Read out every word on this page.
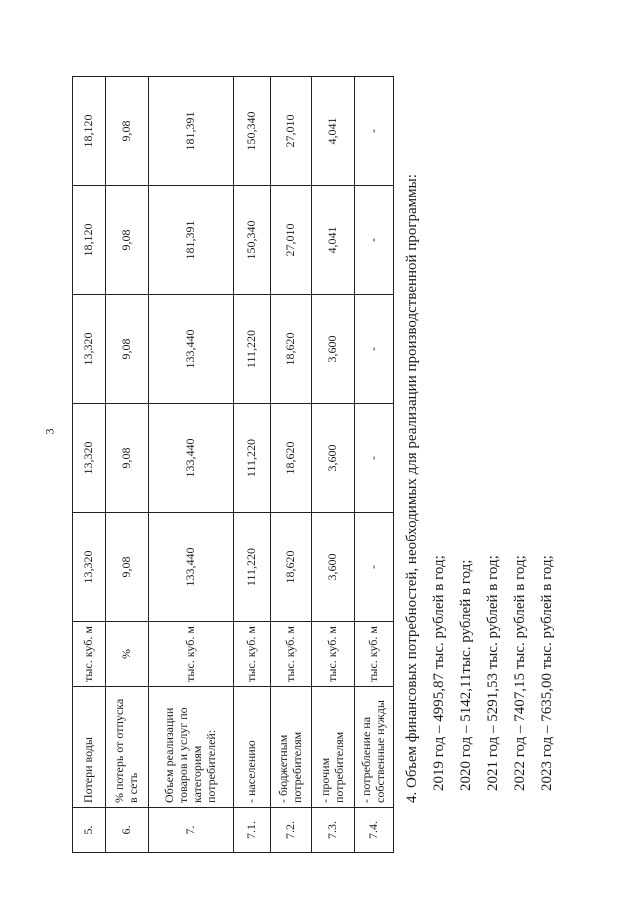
3
5.	Потери воды	тыс. куб. м	13,320	13,320	13,320	18,120	18,120
6.	% потерь от отпуска в сеть	%	9,08	9,08	9,08	9,08	9,08
7.	Объем реализации товаров и услуг по категориям потребителей:	тыс. куб. м	133,440	133,440	133,440	181,391	181,391
7.1.	- населению	тыс. куб. м	111,220	111,220	111,220	150,340	150,340
7.2.	- бюджетным потребителям	тыс. куб. м	18,620	18,620	18,620	27,010	27,010
7.3.	- прочим потребителям	тыс. куб. м	3,600	3,600	3,600	4,041	4,041
7.4.	- потребление на собственные нужды	тыс. куб. м	-	-	-	-	-

4. Объем финансовых потребностей, необходимых для реализации производственной программы: 2019 год – 4995,87 тыс. рублей в год; 2020 год – 5142,11тыс. рублей в год; 2021 год – 5291,53 тыс. рублей в год; 2022 год – 7407,15 тыс. рублей в год; 2023 год – 7635,00 тыс. рублей в год;
